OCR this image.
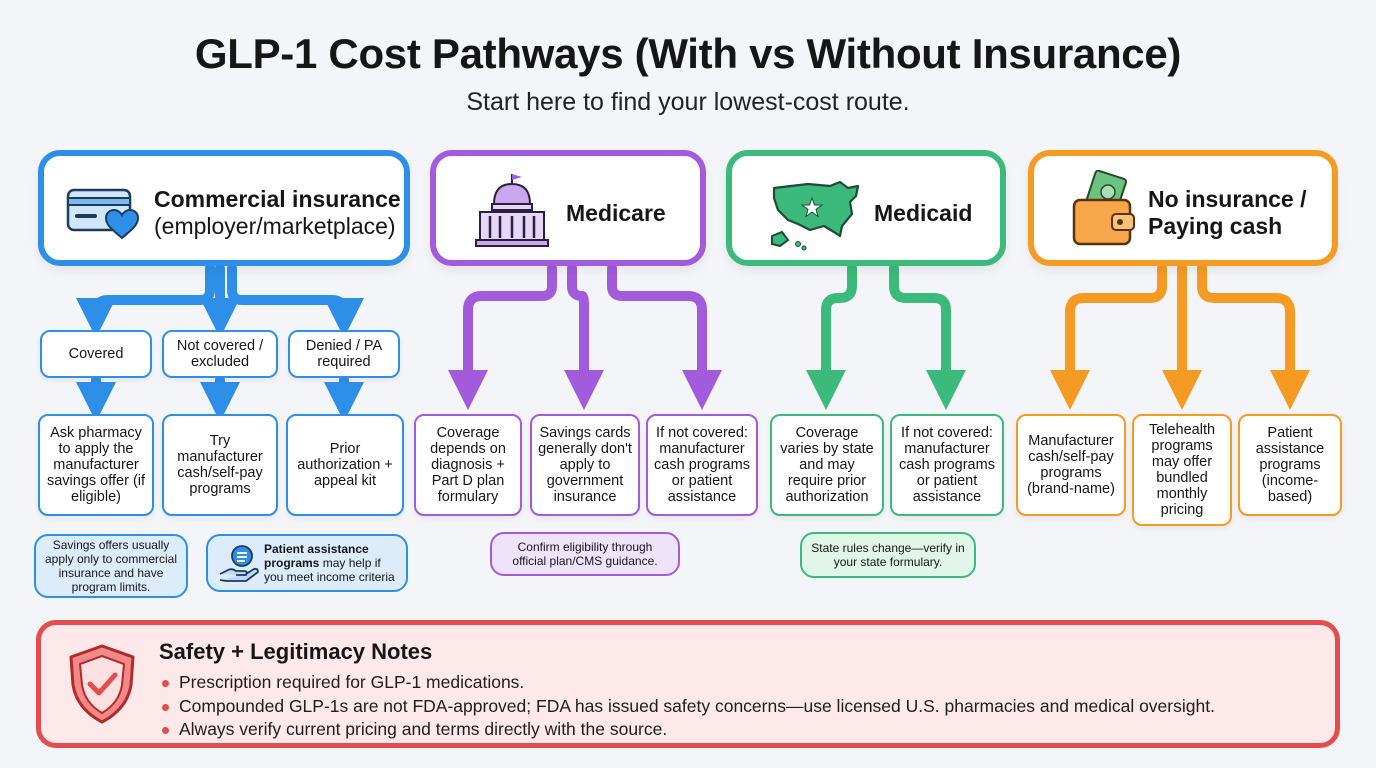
GLP-1 Cost Pathways (With vs Without Insurance)
Start here to find your lowest-cost route.
Commercial insurance
(employer/marketplace)	Medicare	Medicaid
No insurance /
Paying cash
Covered	Not covered / excluded
Denied / PA required
Ask pharmacy to apply the manufacturer savings offer (if eligible)
Try manufacturer cash/self-pay programs
Prior authorization + appeal kit
Savings offers usually apply only to commercial insurance and have program limits.
Patient assistance programs may help if you meet income criteria
Coverage depends on diagnosis + Part D plan formulary
Savings cards generally don't apply to government insurance
If not covered: manufacturer cash programs or patient assistance
Confirm eligibility through official plan/CMS guidance.
Coverage varies by state and may require prior authorization
If not covered: manufacturer cash programs or patient assistance
State rules change—verify in your state formulary.
Manufacturer cash/self-pay programs (brand-name)
Telehealth programs may offer bundled monthly pricing
Patient assistance programs (income-based)
Safety + Legitimacy Notes
Prescription required for GLP-1 medications.
Compounded GLP-1s are not FDA-approved; FDA has issued safety concerns—use licensed U.S. pharmacies and medical oversight.
Always verify current pricing and terms directly with the source.
